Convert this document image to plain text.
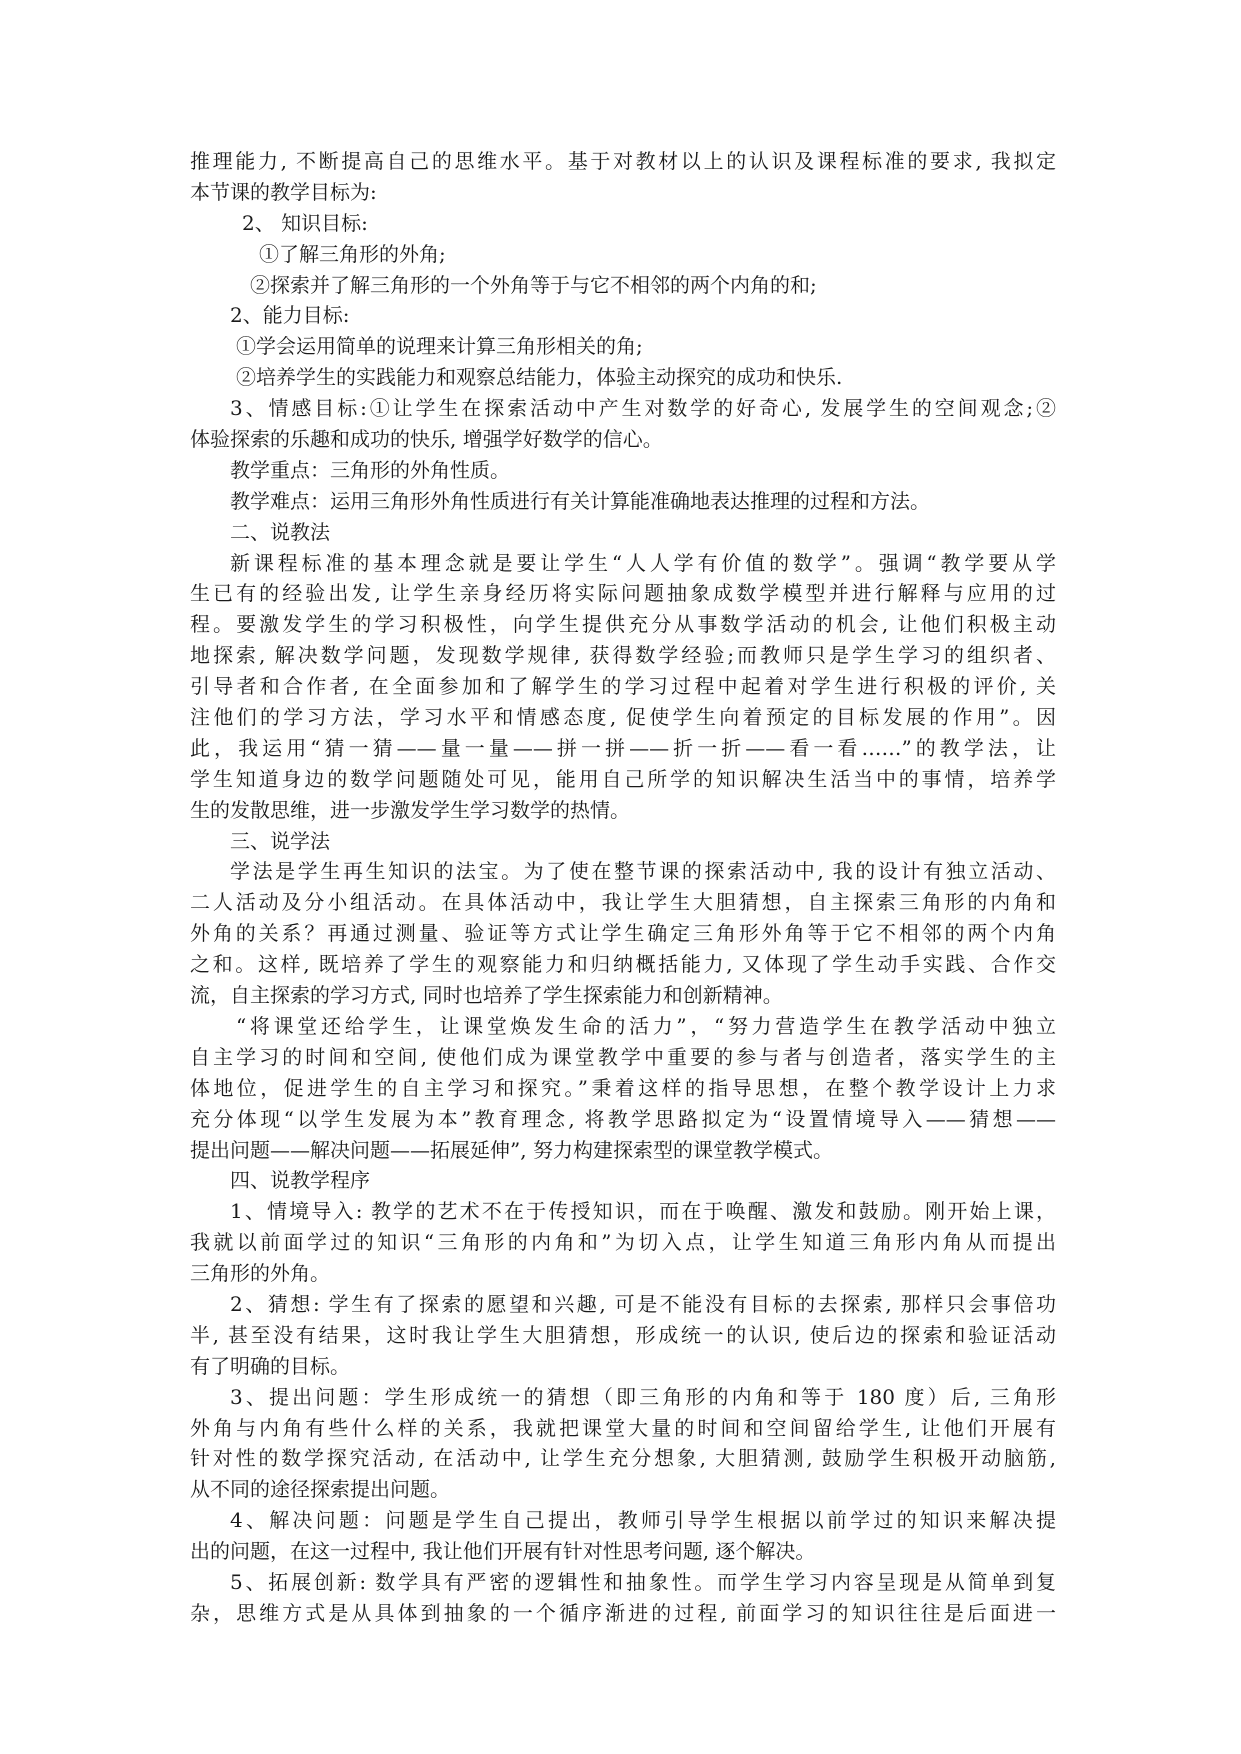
推理能力, 不断提高自己的思维水平。基于对教材以上的认识及课程标准的要求, 我拟定
本节课的教学目标为:
2、 知识目标:
①了解三角形的外角;
②探索并了解三角形的一个外角等于与它不相邻的两个内角的和;
2、能力目标:
①学会运用简单的说理来计算三角形相关的角;
②培养学生的实践能力和观察总结能力，体验主动探究的成功和快乐.
3、情感目标:①让学生在探索活动中产生对数学的好奇心, 发展学生的空间观念;②
体验探索的乐趣和成功的快乐, 增强学好数学的信心。
教学重点：三角形的外角性质。
教学难点：运用三角形外角性质进行有关计算能准确地表达推理的过程和方法。
二、说教法
新课程标准的基本理念就是要让学生“人人学有价值的数学”。强调“教学要从学
生已有的经验出发, 让学生亲身经历将实际问题抽象成数学模型并进行解释与应用的过
程。要激发学生的学习积极性，向学生提供充分从事数学活动的机会, 让他们积极主动
地探索, 解决数学问题，发现数学规律, 获得数学经验;而教师只是学生学习的组织者、
引导者和合作者, 在全面参加和了解学生的学习过程中起着对学生进行积极的评价, 关
注他们的学习方法，学习水平和情感态度, 促使学生向着预定的目标发展的作用”。因
此，我运用“猜一猜——量一量——拼一拼——折一折——看一看……”的教学法，让
学生知道身边的数学问题随处可见，能用自己所学的知识解决生活当中的事情，培养学
生的发散思维，进一步激发学生学习数学的热情。
三、说学法
学法是学生再生知识的法宝。为了使在整节课的探索活动中, 我的设计有独立活动、
二人活动及分小组活动。在具体活动中，我让学生大胆猜想，自主探索三角形的内角和
外角的关系？再通过测量、验证等方式让学生确定三角形外角等于它不相邻的两个内角
之和。这样, 既培养了学生的观察能力和归纳概括能力, 又体现了学生动手实践、合作交
流，自主探索的学习方式, 同时也培养了学生探索能力和创新精神。
“将课堂还给学生，让课堂焕发生命的活力”，“努力营造学生在教学活动中独立
自主学习的时间和空间, 使他们成为课堂教学中重要的参与者与创造者，落实学生的主
体地位，促进学生的自主学习和探究。”秉着这样的指导思想，在整个教学设计上力求
充分体现“以学生发展为本”教育理念, 将教学思路拟定为“设置情境导入——猜想——
提出问题——解决问题——拓展延伸”, 努力构建探索型的课堂教学模式。
四、说教学程序
1、情境导入: 教学的艺术不在于传授知识，而在于唤醒、激发和鼓励。刚开始上课，
我就以前面学过的知识“三角形的内角和”为切入点，让学生知道三角形内角从而提出
三角形的外角。
2、猜想: 学生有了探索的愿望和兴趣, 可是不能没有目标的去探索, 那样只会事倍功
半, 甚至没有结果，这时我让学生大胆猜想，形成统一的认识, 使后边的探索和验证活动
有了明确的目标。
3、提出问题：学生形成统一的猜想（即三角形的内角和等于 180 度）后, 三角形
外角与内角有些什么样的关系，我就把课堂大量的时间和空间留给学生, 让他们开展有
针对性的数学探究活动, 在活动中, 让学生充分想象, 大胆猜测, 鼓励学生积极开动脑筋,
从不同的途径探索提出问题。
4、解决问题：问题是学生自己提出，教师引导学生根据以前学过的知识来解决提
出的问题，在这一过程中, 我让他们开展有针对性思考问题, 逐个解决。
5、拓展创新: 数学具有严密的逻辑性和抽象性。而学生学习内容呈现是从简单到复
杂，思维方式是从具体到抽象的一个循序渐进的过程, 前面学习的知识往往是后面进一
